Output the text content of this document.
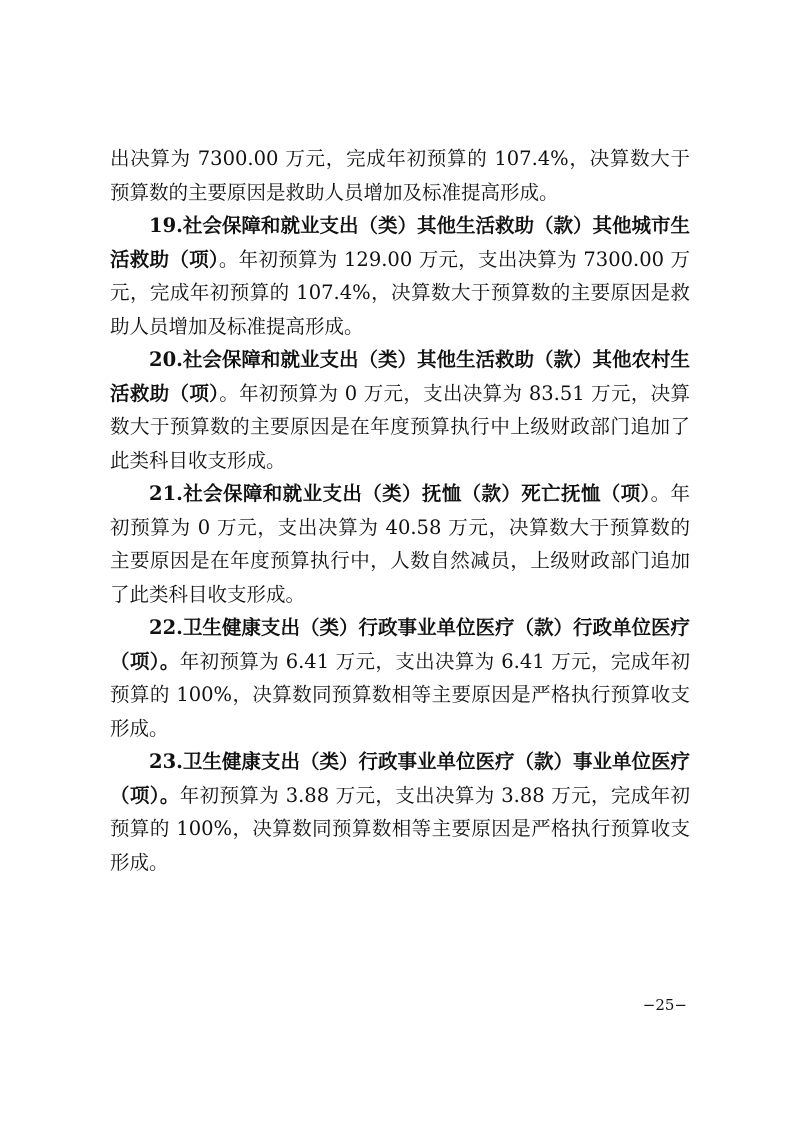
出决算为 7300.00 万元，完成年初预算的 107.4%，决算数大于预算数的主要原因是救助人员增加及标准提高形成。

19.社会保障和就业支出（类）其他生活救助（款）其他城市生活救助（项）。年初预算为 129.00 万元，支出决算为 7300.00 万元，完成年初预算的 107.4%，决算数大于预算数的主要原因是救助人员增加及标准提高形成。

20.社会保障和就业支出（类）其他生活救助（款）其他农村生活救助（项）。年初预算为 0 万元，支出决算为 83.51 万元，决算数大于预算数的主要原因是在年度预算执行中上级财政部门追加了此类科目收支形成。

21.社会保障和就业支出（类）抚恤（款）死亡抚恤（项）。年初预算为 0 万元，支出决算为 40.58 万元，决算数大于预算数的主要原因是在年度预算执行中，人数自然减员，上级财政部门追加了此类科目收支形成。

22.卫生健康支出（类）行政事业单位医疗（款）行政单位医疗（项）。年初预算为 6.41 万元，支出决算为 6.41 万元，完成年初预算的 100%，决算数同预算数相等主要原因是严格执行预算收支形成。

23.卫生健康支出（类）行政事业单位医疗（款）事业单位医疗（项）。年初预算为 3.88 万元，支出决算为 3.88 万元，完成年初预算的 100%，决算数同预算数相等主要原因是严格执行预算收支形成。

−25−
